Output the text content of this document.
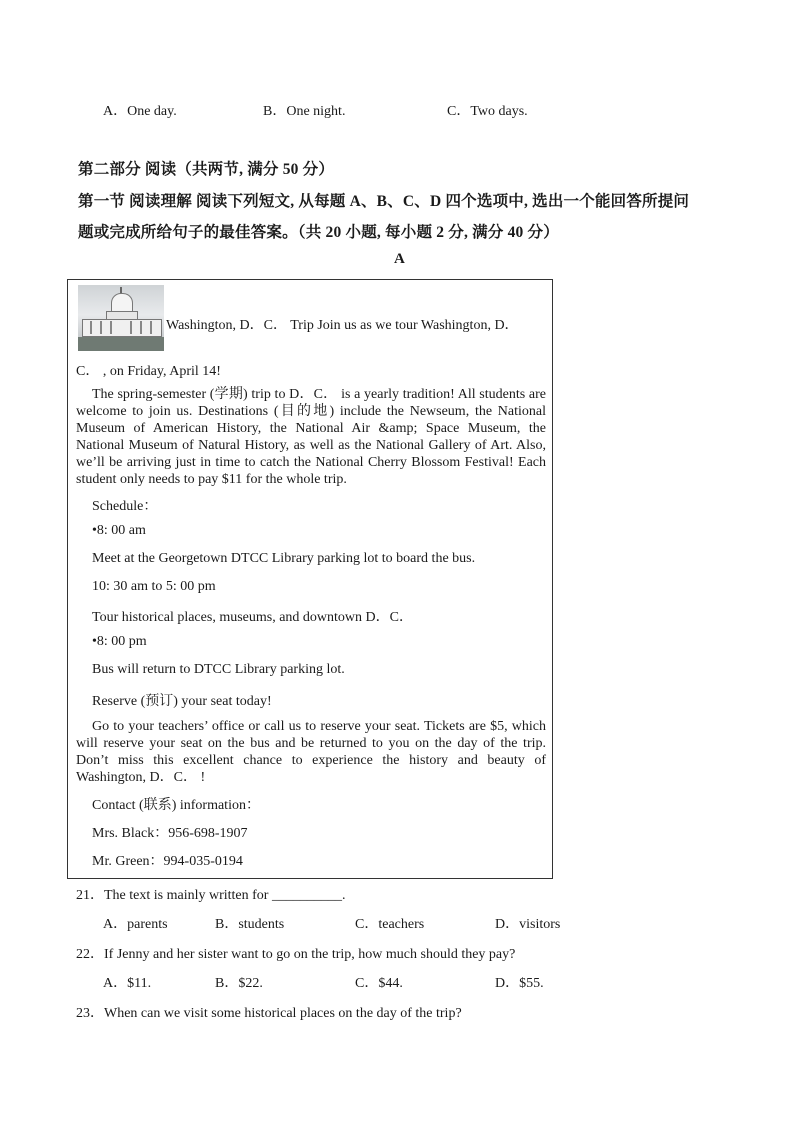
A．One day.	B．One night.	C．Two days.
第二部分 阅读（共两节, 满分 50 分）
第一节 阅读理解 阅读下列短文, 从每题 A、B、C、D 四个选项中, 选出一个能回答所提问
题或完成所给句子的最佳答案。（共 20 小题, 每小题 2 分, 满分 40 分）
A
Washington, D．C． Trip Join us as we tour Washington, D．
C． , on Friday, April 14!
The spring-semester (学期) trip to D．C． is a yearly tradition! All students are welcome to join us. Destinations (目的地) include the Newseum, the National Museum of American History, the National Air &amp; Space Museum, the National Museum of Natural History, as well as the National Gallery of Art. Also, we’ll be arriving just in time to catch the National Cherry Blossom Festival! Each student only needs to pay $11 for the whole trip.
Schedule：
•8: 00 am
Meet at the Georgetown DTCC Library parking lot to board the bus.
10: 30 am to 5: 00 pm
Tour historical places, museums, and downtown D．C．
•8: 00 pm
Bus will return to DTCC Library parking lot.
Reserve (预订) your seat today!
Go to your teachers’ office or call us to reserve your seat. Tickets are $5, which will reserve your seat on the bus and be returned to you on the day of the trip. Don’t miss this excellent chance to experience the history and beauty of Washington, D．C． !
Contact (联系) information：
Mrs. Black：956-698-1907
Mr. Green：994-035-0194
21．The text is mainly written for __________.
A．parents	B．students	C．teachers	D．visitors
22．If Jenny and her sister want to go on the trip, how much should they pay?
A．$11.	B．$22.	C．$44.	D．$55.
23．When can we visit some historical places on the day of the trip?
